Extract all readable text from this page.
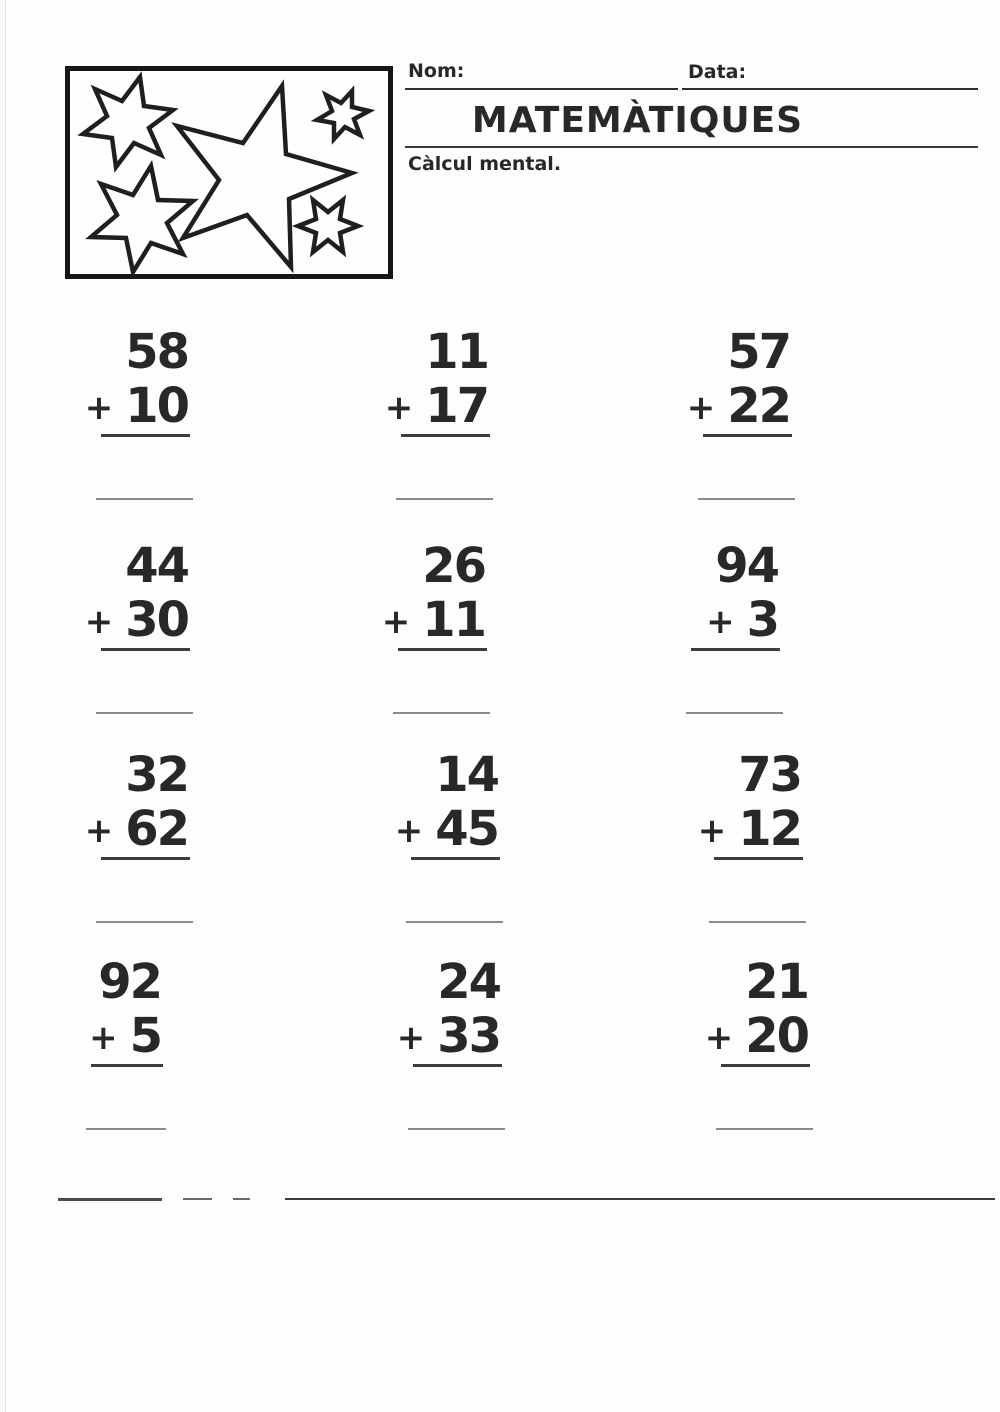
Nom:	Data:
MATEMÀTIQUES
Càlcul mental.
58
+ 10
11
+ 17
57
+ 22
44
+ 30
26
+ 11
94
+ 3
32
+ 62
14
+ 45
73
+ 12
92
+ 5
24
+ 33
21
+ 20
